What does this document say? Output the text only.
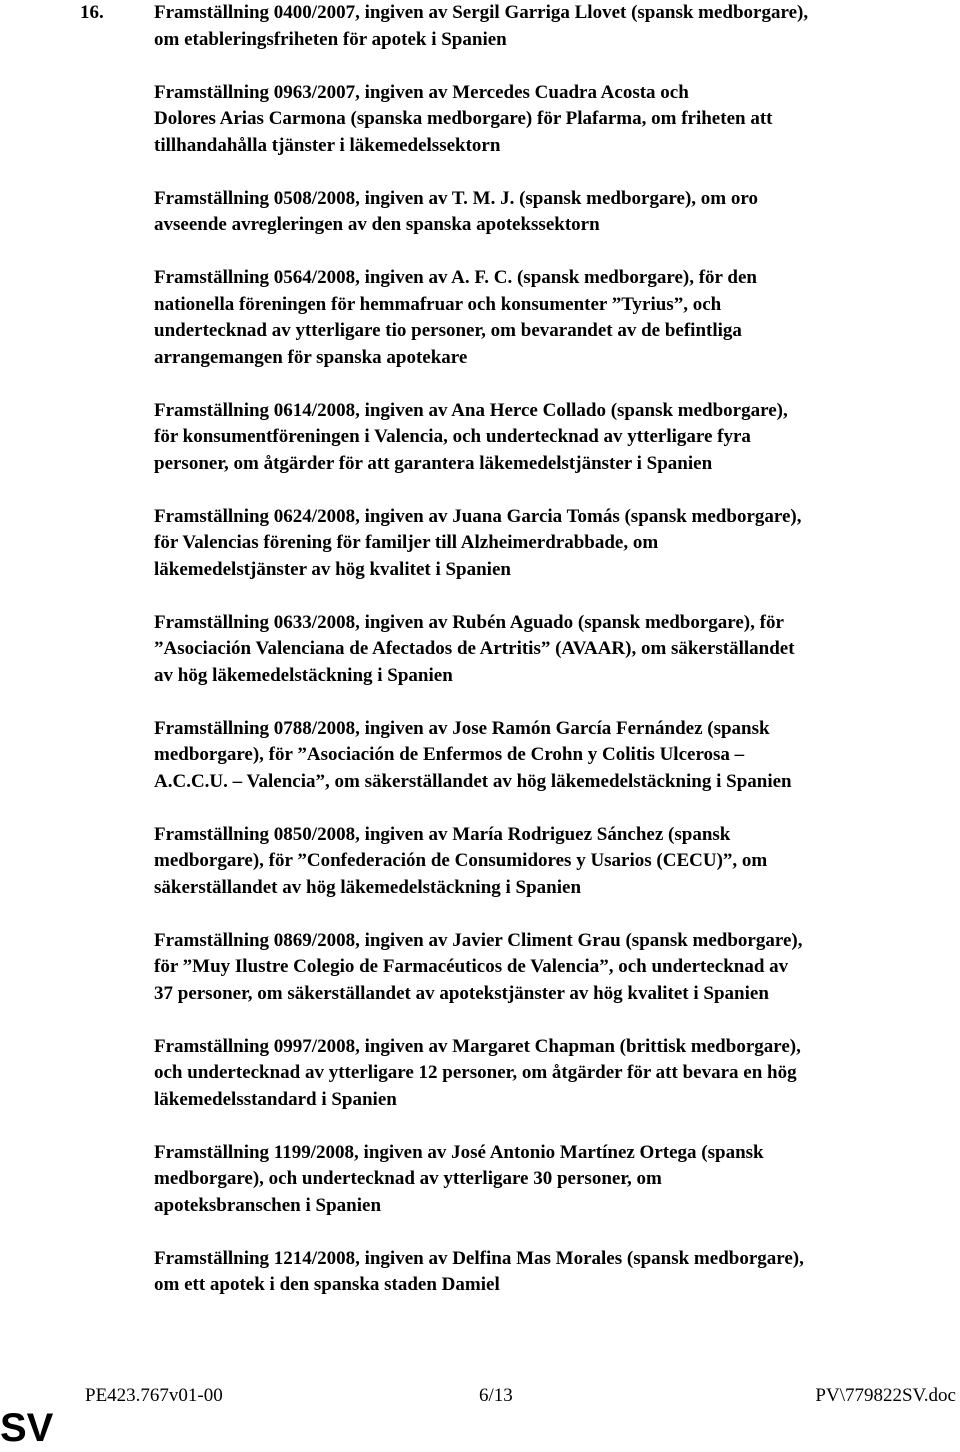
16.	Framställning 0400/2007, ingiven av Sergil Garriga Llovet (spansk medborgare),
om etableringsfriheten för apotek i Spanien

Framställning 0963/2007, ingiven av Mercedes Cuadra Acosta och
Dolores Arias Carmona (spanska medborgare) för Plafarma, om friheten att
tillhandahålla tjänster i läkemedelssektorn

Framställning 0508/2008, ingiven av T. M. J. (spansk medborgare), om oro
avseende avregleringen av den spanska apotekssektorn

Framställning 0564/2008, ingiven av A. F. C. (spansk medborgare), för den
nationella föreningen för hemmafruar och konsumenter ”Tyrius”, och
undertecknad av ytterligare tio personer, om bevarandet av de befintliga
arrangemangen för spanska apotekare

Framställning 0614/2008, ingiven av Ana Herce Collado (spansk medborgare),
för konsumentföreningen i Valencia, och undertecknad av ytterligare fyra
personer, om åtgärder för att garantera läkemedelstjänster i Spanien

Framställning 0624/2008, ingiven av Juana Garcia Tomás (spansk medborgare),
för Valencias förening för familjer till Alzheimerdrabbade, om
läkemedelstjänster av hög kvalitet i Spanien

Framställning 0633/2008, ingiven av Rubén Aguado (spansk medborgare), för
”Asociación Valenciana de Afectados de Artritis” (AVAAR), om säkerställandet
av hög läkemedelstäckning i Spanien

Framställning 0788/2008, ingiven av Jose Ramón García Fernández (spansk
medborgare), för ”Asociación de Enfermos de Crohn y Colitis Ulcerosa –
A.C.C.U. – Valencia”, om säkerställandet av hög läkemedelstäckning i Spanien

Framställning 0850/2008, ingiven av María Rodriguez Sánchez (spansk
medborgare), för ”Confederación de Consumidores y Usarios (CECU)”, om
säkerställandet av hög läkemedelstäckning i Spanien

Framställning 0869/2008, ingiven av Javier Climent Grau (spansk medborgare),
för ”Muy Ilustre Colegio de Farmacéuticos de Valencia”, och undertecknad av
37 personer, om säkerställandet av apotekstjänster av hög kvalitet i Spanien

Framställning 0997/2008, ingiven av Margaret Chapman (brittisk medborgare),
och undertecknad av ytterligare 12 personer, om åtgärder för att bevara en hög
läkemedelsstandard i Spanien

Framställning 1199/2008, ingiven av José Antonio Martínez Ortega (spansk
medborgare), och undertecknad av ytterligare 30 personer, om
apoteksbranschen i Spanien

Framställning 1214/2008, ingiven av Delfina Mas Morales (spansk medborgare),
om ett apotek i den spanska staden Damiel

PE423.767v01-00	6/13	PV\779822SV.doc
SV
